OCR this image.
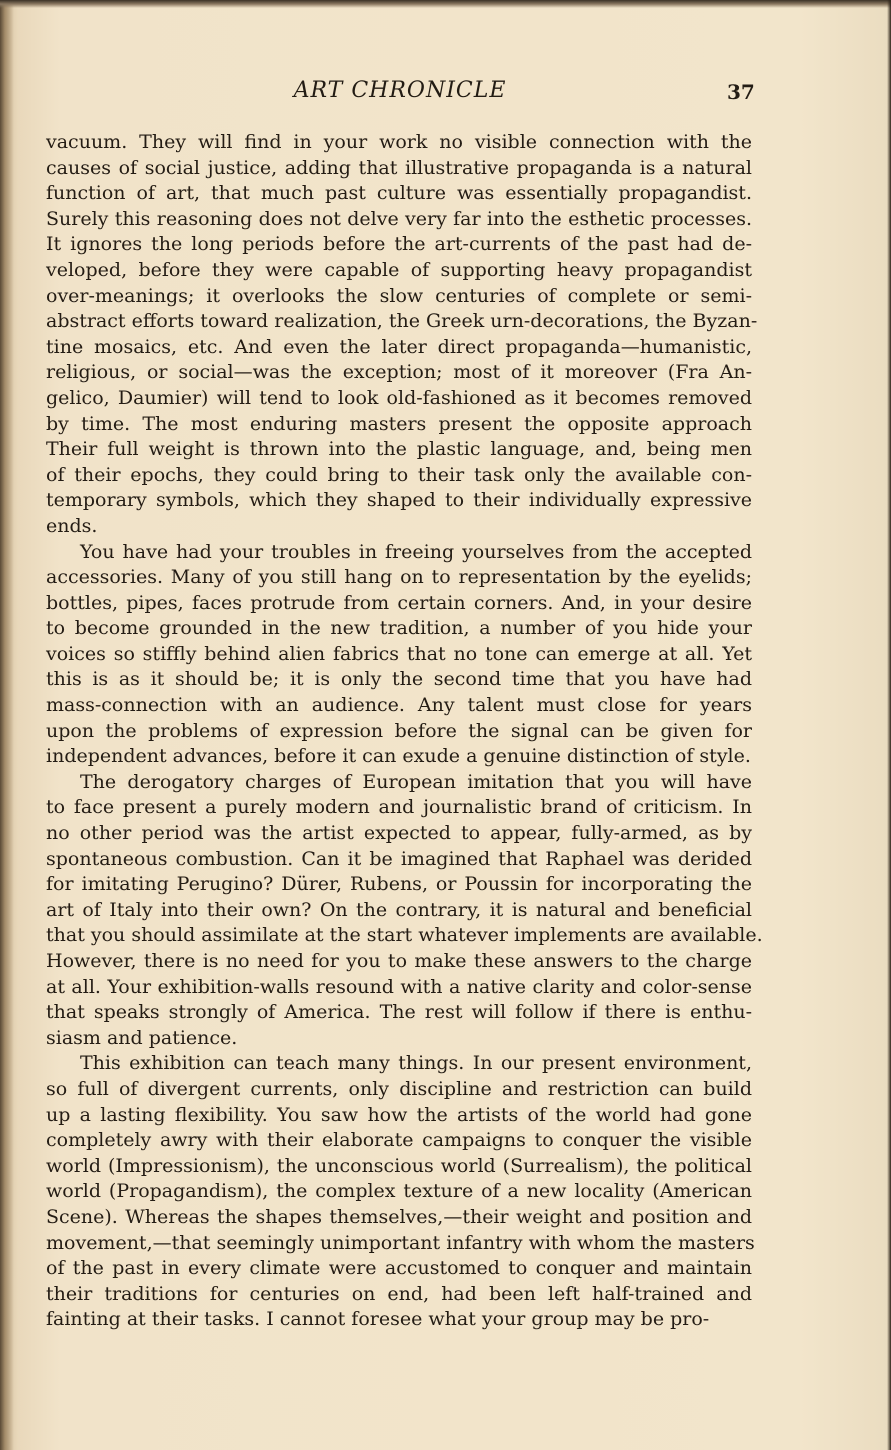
ART CHRONICLE	37

vacuum. They will find in your work no visible connection with the
causes of social justice, adding that illustrative propaganda is a natural
function of art, that much past culture was essentially propagandist.
Surely this reasoning does not delve very far into the esthetic processes.
It ignores the long periods before the art-currents of the past had de-
veloped, before they were capable of supporting heavy propagandist
over-meanings; it overlooks the slow centuries of complete or semi-
abstract efforts toward realization, the Greek urn-decorations, the Byzan-
tine mosaics, etc. And even the later direct propaganda—humanistic,
religious, or social—was the exception; most of it moreover (Fra An-
gelico, Daumier) will tend to look old-fashioned as it becomes removed
by time. The most enduring masters present the opposite approach
Their full weight is thrown into the plastic language, and, being men
of their epochs, they could bring to their task only the available con-
temporary symbols, which they shaped to their individually expressive
ends.

You have had your troubles in freeing yourselves from the accepted
accessories. Many of you still hang on to representation by the eyelids;
bottles, pipes, faces protrude from certain corners. And, in your desire
to become grounded in the new tradition, a number of you hide your
voices so stiffly behind alien fabrics that no tone can emerge at all. Yet
this is as it should be; it is only the second time that you have had
mass-connection with an audience. Any talent must close for years
upon the problems of expression before the signal can be given for
independent advances, before it can exude a genuine distinction of style.

The derogatory charges of European imitation that you will have
to face present a purely modern and journalistic brand of criticism. In
no other period was the artist expected to appear, fully-armed, as by
spontaneous combustion. Can it be imagined that Raphael was derided
for imitating Perugino? Dürer, Rubens, or Poussin for incorporating the
art of Italy into their own? On the contrary, it is natural and beneficial
that you should assimilate at the start whatever implements are available.
However, there is no need for you to make these answers to the charge
at all. Your exhibition-walls resound with a native clarity and color-sense
that speaks strongly of America. The rest will follow if there is enthu-
siasm and patience.

This exhibition can teach many things. In our present environment,
so full of divergent currents, only discipline and restriction can build
up a lasting flexibility. You saw how the artists of the world had gone
completely awry with their elaborate campaigns to conquer the visible
world (Impressionism), the unconscious world (Surrealism), the political
world (Propagandism), the complex texture of a new locality (American
Scene). Whereas the shapes themselves,—their weight and position and
movement,—that seemingly unimportant infantry with whom the masters
of the past in every climate were accustomed to conquer and maintain
their traditions for centuries on end, had been left half-trained and
fainting at their tasks. I cannot foresee what your group may be pro-
